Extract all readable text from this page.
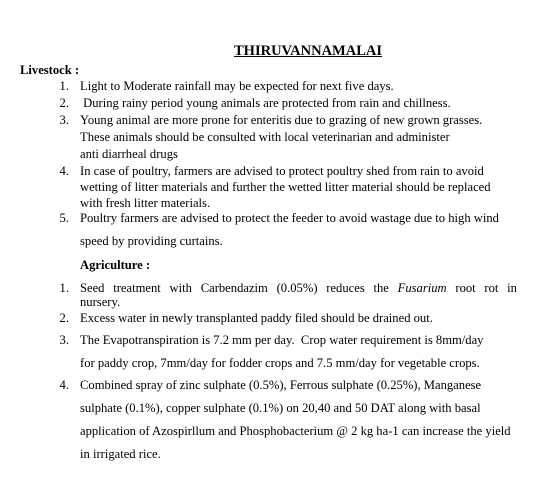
THIRUVANNAMALAI
Livestock :
1. Light to Moderate rainfall may be expected for next five days.
2. During rainy period young animals are protected from rain and chillness.
3. Young animal are more prone for enteritis due to grazing of new grown grasses.
These animals should be consulted with local veterinarian and administer
anti diarrheal drugs
4. In case of poultry, farmers are advised to protect poultry shed from rain to avoid
wetting of litter materials and further the wetted litter material should be replaced
with fresh litter materials.
5. Poultry farmers are advised to protect the feeder to avoid wastage due to high wind
speed by providing curtains.
Agriculture :
1. Seed treatment with Carbendazim (0.05%) reduces the Fusarium root rot in
nursery.
2. Excess water in newly transplanted paddy filed should be drained out.
3. The Evapotranspiration is 7.2 mm per day.  Crop water requirement is 8mm/day
for paddy crop, 7mm/day for fodder crops and 7.5 mm/day for vegetable crops.
4. Combined spray of zinc sulphate (0.5%), Ferrous sulphate (0.25%), Manganese
sulphate (0.1%), copper sulphate (0.1%) on 20,40 and 50 DAT along with basal
application of Azospirllum and Phosphobacterium @ 2 kg ha-1 can increase the yield
in irrigated rice.
